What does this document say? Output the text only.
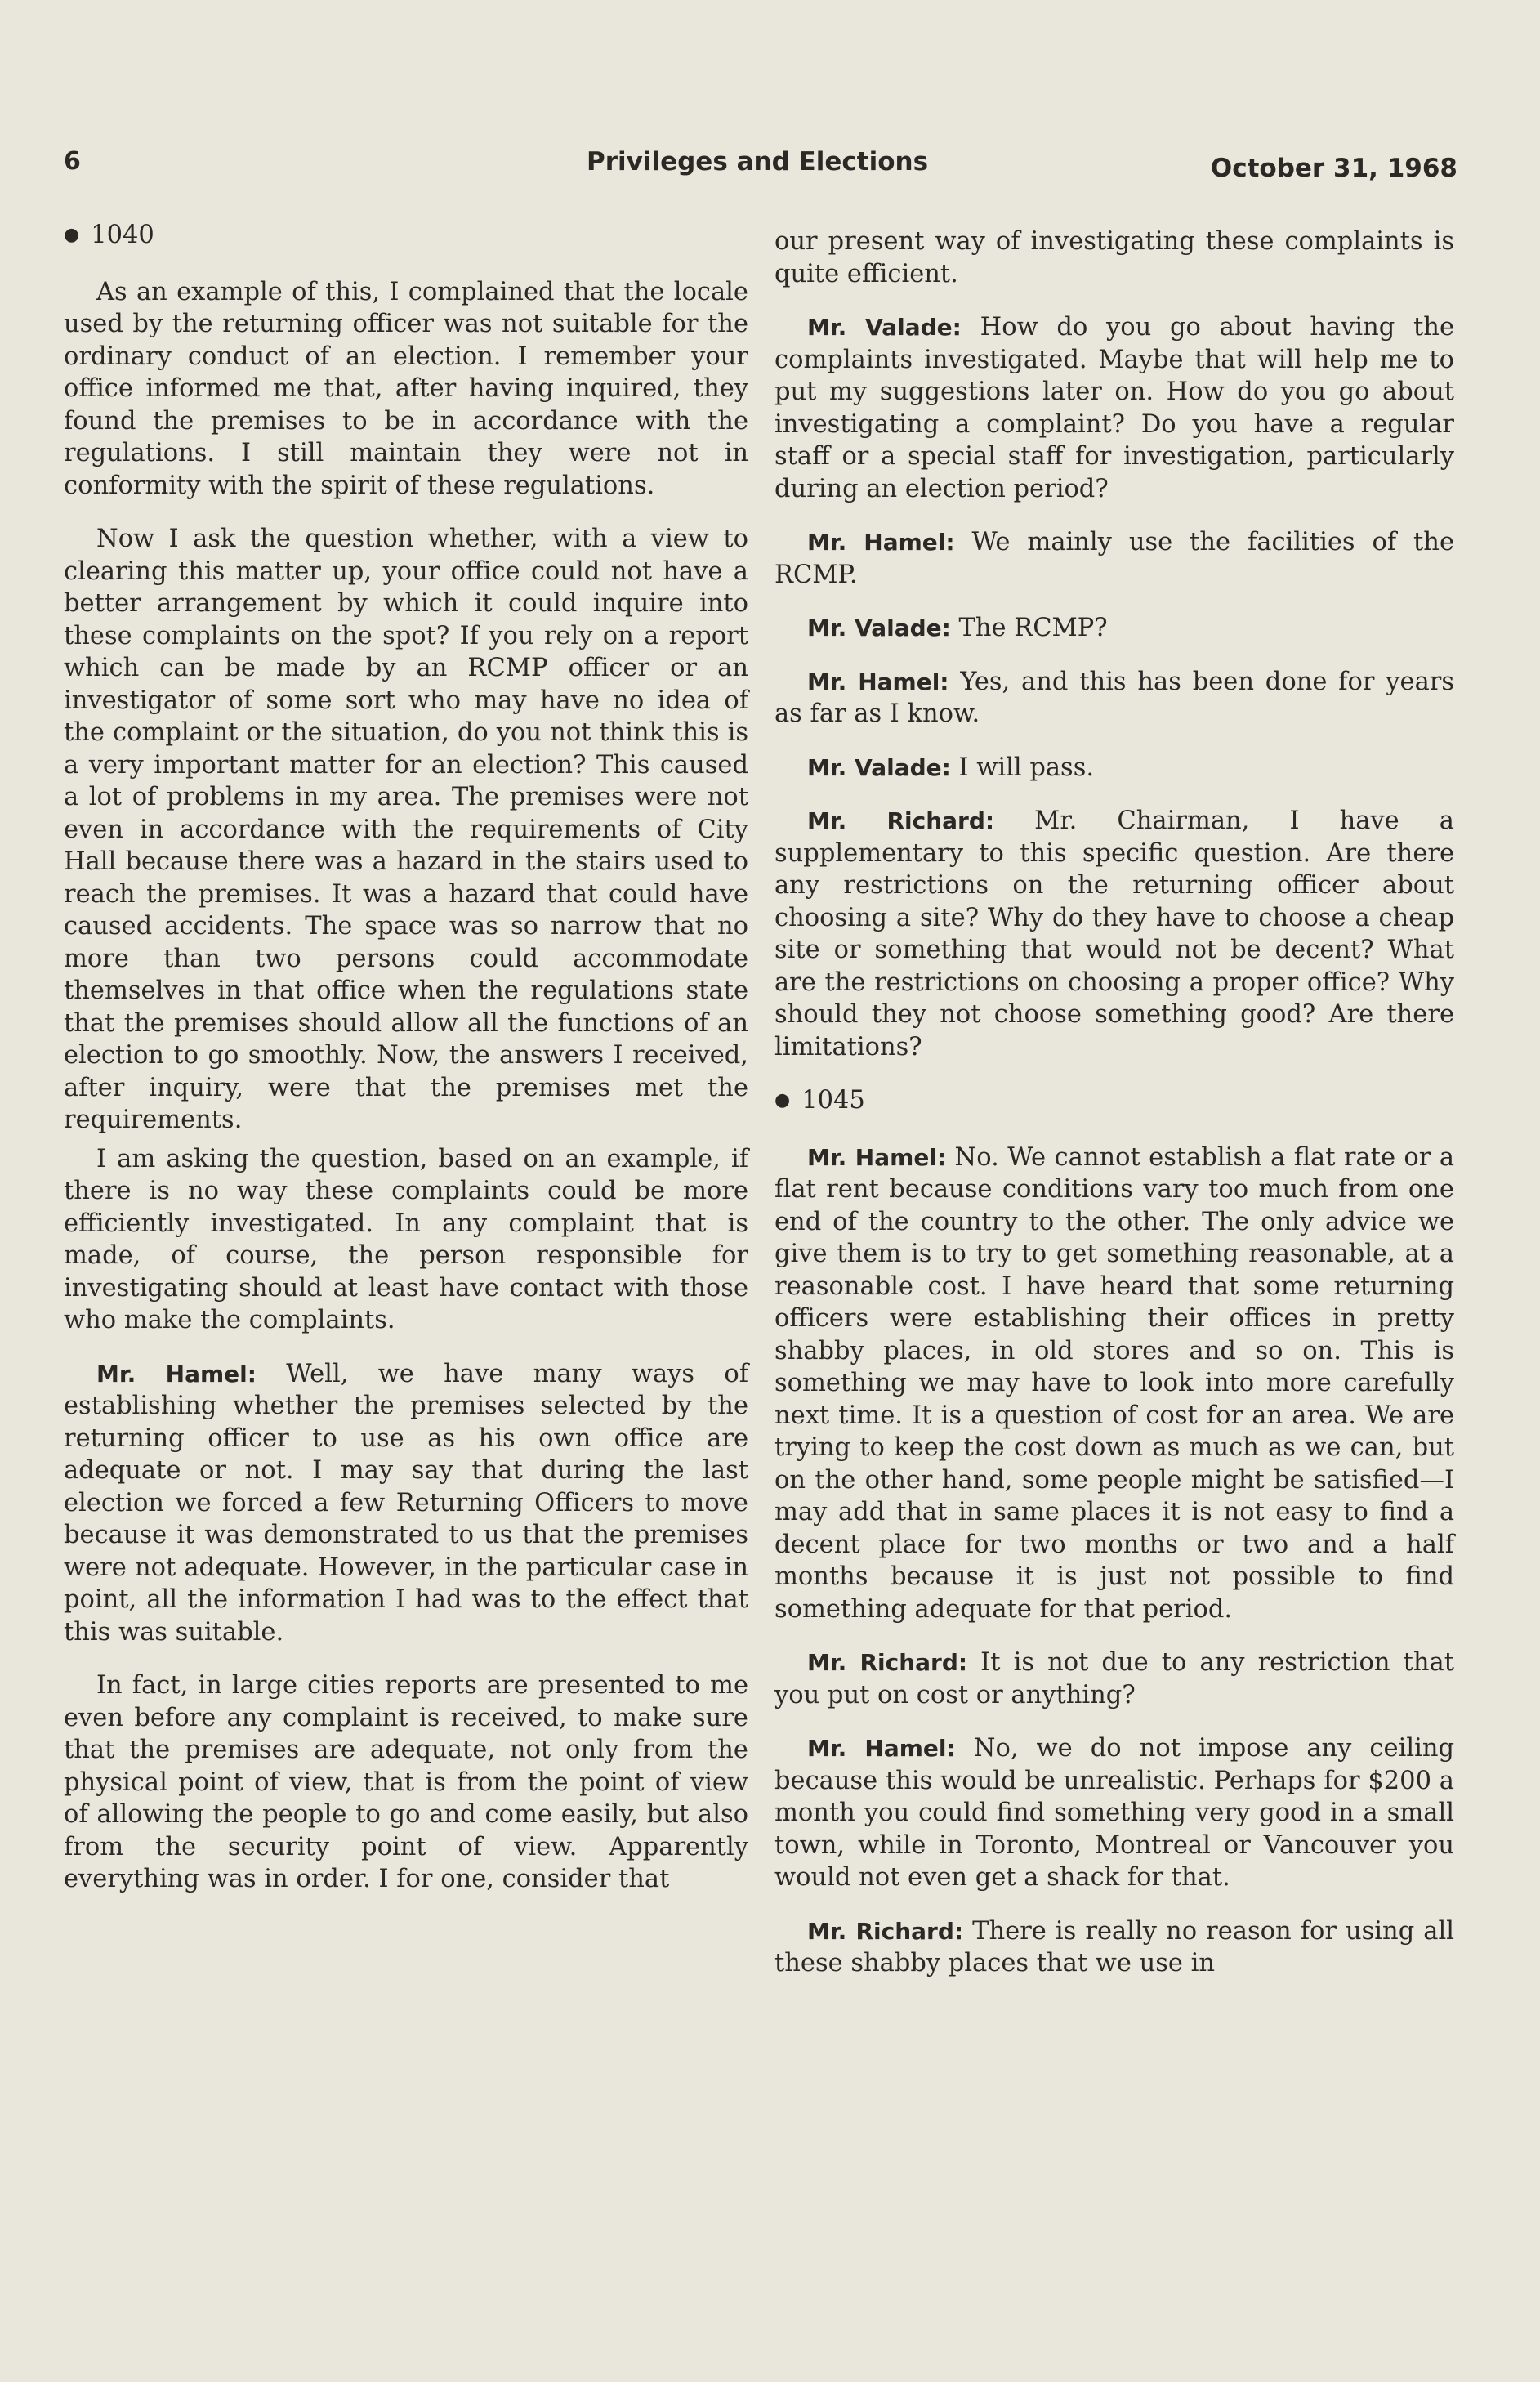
6	Privileges and Elections	October 31, 1968
● 1040

As an example of this, I complained that the locale used by the returning officer was not suitable for the ordinary conduct of an election. I remember your office informed me that, after having inquired, they found the premises to be in accordance with the regulations. I still maintain they were not in conformity with the spirit of these regulations.

Now I ask the question whether, with a view to clearing this matter up, your office could not have a better arrangement by which it could inquire into these complaints on the spot? If you rely on a report which can be made by an RCMP officer or an investigator of some sort who may have no idea of the complaint or the situation, do you not think this is a very important matter for an election? This caused a lot of problems in my area. The premises were not even in accordance with the requirements of City Hall because there was a hazard in the stairs used to reach the premises. It was a hazard that could have caused accidents. The space was so narrow that no more than two persons could accommodate themselves in that office when the regulations state that the premises should allow all the functions of an election to go smoothly. Now, the answers I received, after inquiry, were that the premises met the requirements.

I am asking the question, based on an example, if there is no way these complaints could be more efficiently investigated. In any complaint that is made, of course, the person responsible for investigating should at least have contact with those who make the complaints.

Mr. Hamel: Well, we have many ways of establishing whether the premises selected by the returning officer to use as his own office are adequate or not. I may say that during the last election we forced a few Returning Officers to move because it was demonstrated to us that the premises were not adequate. However, in the particular case in point, all the information I had was to the effect that this was suitable.

In fact, in large cities reports are presented to me even before any complaint is received, to make sure that the premises are adequate, not only from the physical point of view, that is from the point of view of allowing the people to go and come easily, but also from the security point of view. Apparently everything was in order. I for one, consider that

our present way of investigating these complaints is quite efficient.

Mr. Valade: How do you go about having the complaints investigated. Maybe that will help me to put my suggestions later on. How do you go about investigating a complaint? Do you have a regular staff or a special staff for investigation, particularly during an election period?

Mr. Hamel: We mainly use the facilities of the RCMP.

Mr. Valade: The RCMP?

Mr. Hamel: Yes, and this has been done for years as far as I know.

Mr. Valade: I will pass.

Mr. Richard: Mr. Chairman, I have a supplementary to this specific question. Are there any restrictions on the returning officer about choosing a site? Why do they have to choose a cheap site or something that would not be decent? What are the restrictions on choosing a proper office? Why should they not choose something good? Are there limitations?

● 1045

Mr. Hamel: No. We cannot establish a flat rate or a flat rent because conditions vary too much from one end of the country to the other. The only advice we give them is to try to get something reasonable, at a reasonable cost. I have heard that some returning officers were establishing their offices in pretty shabby places, in old stores and so on. This is something we may have to look into more carefully next time. It is a question of cost for an area. We are trying to keep the cost down as much as we can, but on the other hand, some people might be satisfied—I may add that in same places it is not easy to find a decent place for two months or two and a half months because it is just not possible to find something adequate for that period.

Mr. Richard: It is not due to any restriction that you put on cost or anything?

Mr. Hamel: No, we do not impose any ceiling because this would be unrealistic. Perhaps for $200 a month you could find something very good in a small town, while in Toronto, Montreal or Vancouver you would not even get a shack for that.

Mr. Richard: There is really no reason for using all these shabby places that we use in
